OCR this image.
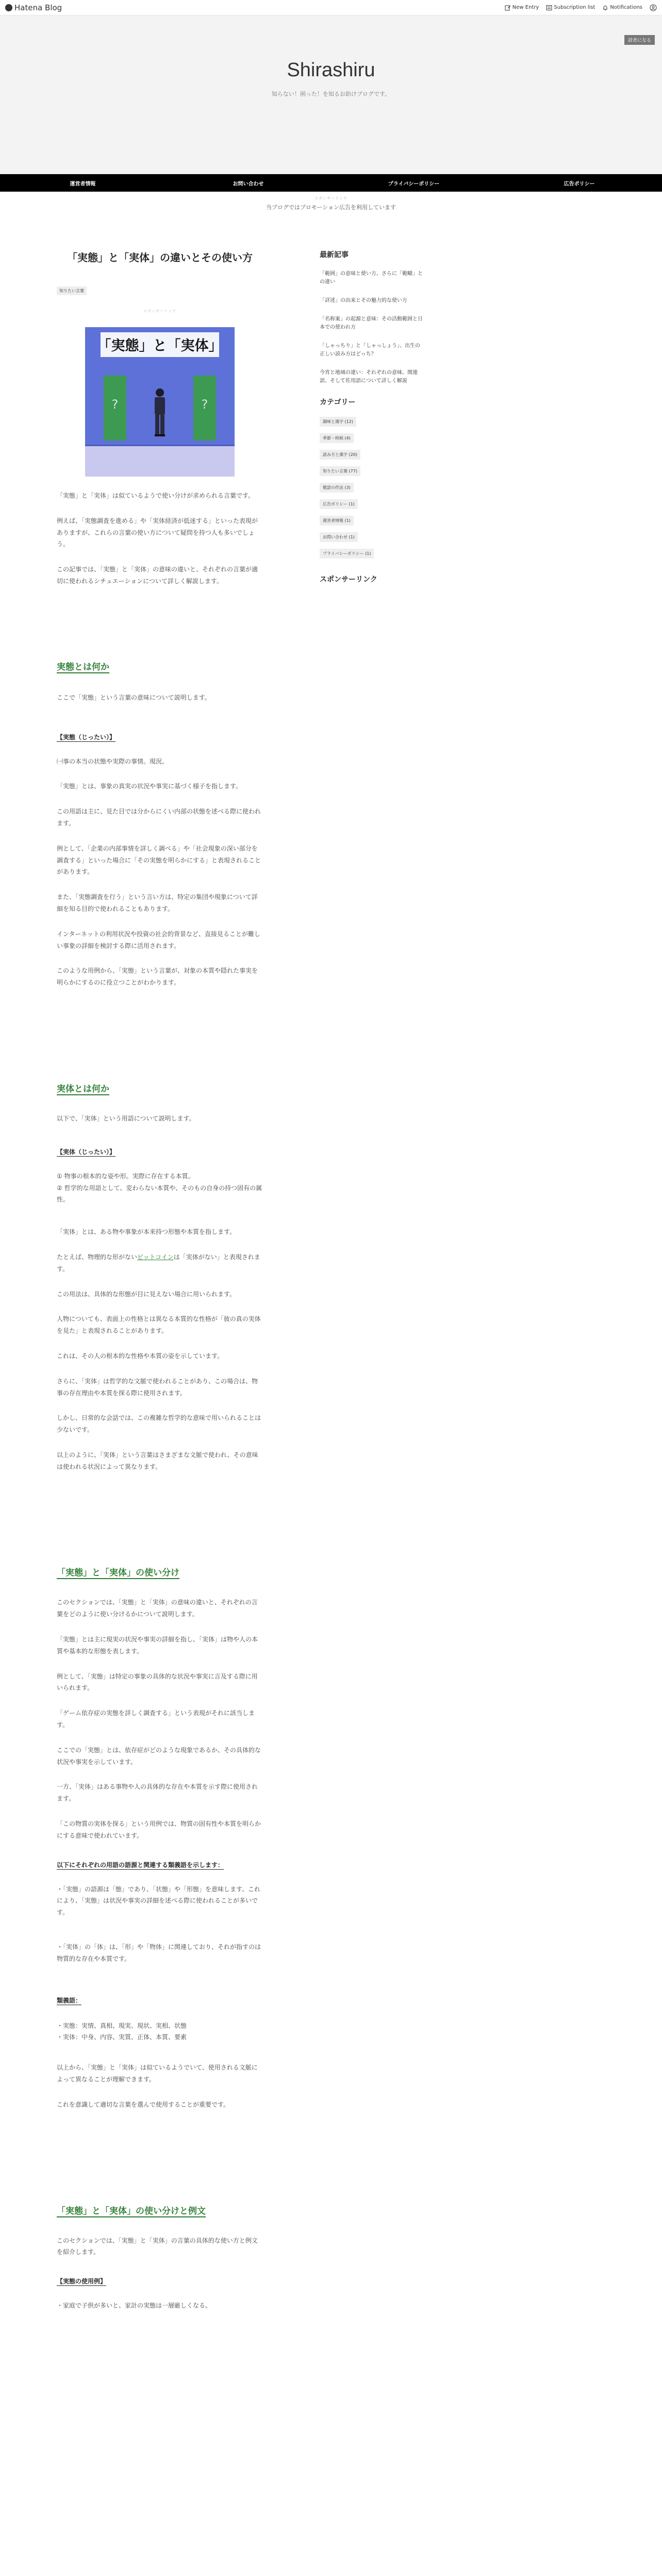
Hatena Blog	New Entry	Subscription list	Notifications
読者になる
Shirashiru

知らない！困った！を知るお助けブログです。

運営者情報	お問い合わせ	プライバシーポリシー	広告ポリシー
スポンサーリンク
当ブログではプロモーション広告を利用しています
「実態」と「実体」の違いとその使い方
知りたい言葉
スポンサーリンク
?	?
「実態」と「実体」

「実態」と「実体」は似ているようで使い分けが求められる言葉です。

例えば、「実態調査を進める」や「実体経済が低迷する」といった表現がありますが、これらの言葉の使い方について疑問を持つ人も多いでしょう。

この記事では、「実態」と「実体」の意味の違いと、それぞれの言葉が適切に使われるシチュエーションについて詳しく解説します。

実態とは何か

ここで「実態」という言葉の意味について説明します。

【実態（じったい）】

㈠事の本当の状態や実際の事情。現況。

「実態」とは、事象の真実の状況や事実に基づく様子を指します。

この用語は主に、見た目では分からにくい内部の状態を述べる際に使われます。

例として、「企業の内部事情を詳しく調べる」や「社会現象の深い部分を調査する」といった場合に「その実態を明らかにする」と表現されることがあります。

また、「実態調査を行う」という言い方は、特定の集団や現象について詳細を知る目的で使われることもあります。

インターネットの利用状況や投資の社会的背景など、直接見ることが難しい事象の詳細を検討する際に活用されます。

このような用例から、「実態」という言葉が、対象の本質や隠れた事実を明らかにするのに役立つことがわかります。

実体とは何か

以下で、「実体」という用語について説明します。

【実体（じったい）】

① 物事の根本的な姿や形。実際に存在する本質。

② 哲学的な用語として、変わらない本質や、そのもの自身の持つ固有の属性。

「実体」とは、ある物や事象が本来持つ形態や本質を指します。

たとえば、物理的な形がないビットコインは「実体がない」と表現されます。

この用法は、具体的な形態が目に見えない場合に用いられます。

人物についても、表面上の性格とは異なる本質的な性格が「彼の真の実体を見た」と表現されることがあります。

これは、その人の根本的な性格や本質の姿を示しています。

さらに、「実体」は哲学的な文脈で使われることがあり、この場合は、物事の存在理由や本質を探る際に使用されます。

しかし、日常的な会話では、この複雑な哲学的な意味で用いられることは少ないです。

以上のように、「実体」という言葉はさまざまな文脈で使われ、その意味は使われる状況によって異なります。

「実態」と「実体」の使い分け

このセクションでは、「実態」と「実体」の意味の違いと、それぞれの言葉をどのように使い分けるかについて説明します。

「実態」とは主に現実の状況や事実の詳細を指し、「実体」は物や人の本質や基本的な形態を表します。

例として、「実態」は特定の事象の具体的な状況や事実に言及する際に用いられます。

「ゲーム依存症の実態を詳しく調査する」という表現がそれに該当します。

ここでの「実態」とは、依存症がどのような現象であるか、その具体的な状況や事実を示しています。

一方、「実体」はある事物や人の具体的な存在や本質を示す際に使用されます。

「この物質の実体を探る」という用例では、物質の固有性や本質を明らかにする意味で使われています。

以下にそれぞれの用語の語源と関連する類義語を示します：

・「実態」の語源は「態」であり、「状態」や「形態」を意味します。これにより、「実態」は状況や事実の詳細を述べる際に使われることが多いです。

・「実体」の「体」は、「形」や「物体」に関連しており、それが指すのは物質的な存在や本質です。

類義語：

・実態：実情、真相、現実、現状、実相、状態

・実体：中身、内容、実質、正体、本質、要素

以上から、「実態」と「実体」は似ているようでいて、使用される文脈によって異なることが理解できます。

これを意識して適切な言葉を選んで使用することが重要です。

「実態」と「実体」の使い分けと例文

このセクションでは、「実態」と「実体」の言葉の具体的な使い方と例文を紹介します。

【実態の使用例】

・家庭で子供が多いと、家計の実態は一層厳しくなる。

最新記事
「範囲」の意味と使い方、さらに「範疇」との違い
「詳述」の由来とその魅力的な使い方
「名称案」の起源と意味：その活動範囲と日本での使われ方
「しゃっちり」と「しゃっしょう」、出生の正しい読み方はどっち？
今宵と地域の違い：それぞれの意味、関連語、そして佐用語について詳しく解説
カテゴリー
調味と漢字 (12)
季節・時候 (4)
読み方と漢字 (20)
知りたい言葉 (77)
敬語の作法 (3)
広告ポリシー (1)
運営者情報 (1)
お問い合わせ (1)
プライバシーポリシー (1)
スポンサーリンク
